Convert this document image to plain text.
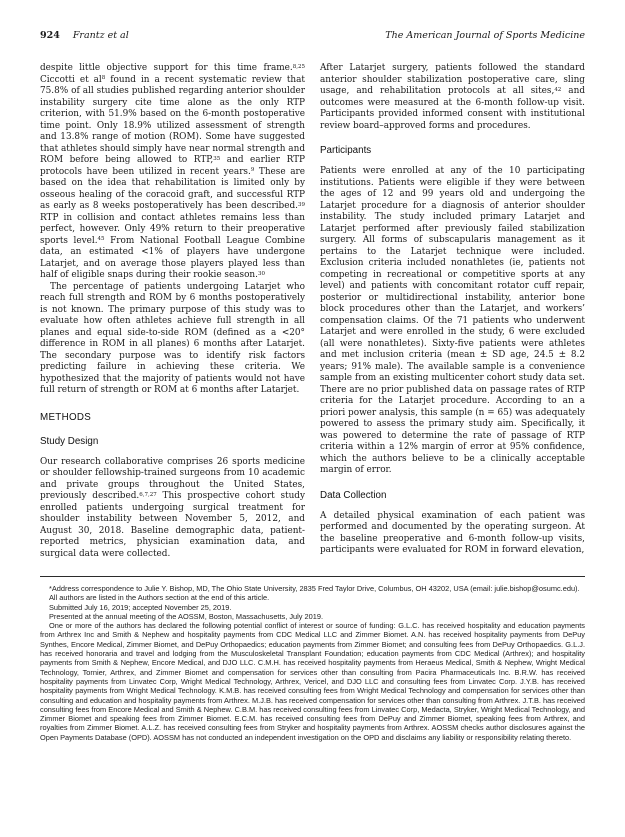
924 Frantz et al	The American Journal of Sports Medicine

despite little objective support for this time frame.$^{8,25}$ Ciccotti et $al^8$ found in a recent systematic review that 75.8% of all studies published regarding anterior shoulder instability surgery cite time alone as the only RTP criterion, with 51.9% based on the 6-month postoperative time point. Only 18.9% utilized assessment of strength and 13.8% range of motion (ROM). Some have suggested that athletes should simply have near normal strength and ROM before being allowed to RTP,$^{35}$ and earlier RTP protocols have been utilized in recent years.$^9$ These are based on the idea that rehabilitation is limited only by osseous healing of the coracoid graft, and successful RTP as early as 8 weeks postoperatively has been described.$^{39}$ RTP in collision and contact athletes remains less than perfect, however. Only 49% return to their preoperative sports level.$^{45}$ From National Football League Combine data, an estimated <1% of players have undergone Latarjet, and on average those players played less than half of eligible snaps during their rookie season.$^{30}$

The percentage of patients undergoing Latarjet who reach full strength and ROM by 6 months postoperatively is not known. The primary purpose of this study was to evaluate how often athletes achieve full strength in all planes and equal side-to-side ROM (defined as a <20° difference in ROM in all planes) 6 months after Latarjet. The secondary purpose was to identify risk factors predicting failure in achieving these criteria. We hypothesized that the majority of patients would not have full return of strength or ROM at 6 months after Latarjet.

METHODS
Study Design

Our research collaborative comprises 26 sports medicine or shoulder fellowship-trained surgeons from 10 academic and private groups throughout the United States, previously described.$^{6,7,27}$ This prospective cohort study enrolled patients undergoing surgical treatment for shoulder instability between November 5, 2012, and August 30, 2018. Baseline demographic data, patient-reported metrics, physician examination data, and surgical data were collected.

After Latarjet surgery, patients followed the standard anterior shoulder stabilization postoperative care, sling usage, and rehabilitation protocols at all sites,$^{42}$ and outcomes were measured at the 6-month follow-up visit. Participants provided informed consent with institutional review board–approved forms and procedures.

Participants

Patients were enrolled at any of the 10 participating institutions. Patients were eligible if they were between the ages of 12 and 99 years old and undergoing the Latarjet procedure for a diagnosis of anterior shoulder instability. The study included primary Latarjet and Latarjet performed after previously failed stabilization surgery. All forms of subscapularis management as it pertains to the Latarjet technique were included. Exclusion criteria included nonathletes (ie, patients not competing in recreational or competitive sports at any level) and patients with concomitant rotator cuff repair, posterior or multidirectional instability, anterior bone block procedures other than the Latarjet, and workers’ compensation claims. Of the 71 patients who underwent Latarjet and were enrolled in the study, 6 were excluded (all were nonathletes). Sixty-five patients were athletes and met inclusion criteria (mean ± SD age, 24.5 ± 8.2 years; 91% male). The available sample is a convenience sample from an existing multicenter cohort study data set. There are no prior published data on passage rates of RTP criteria for the Latarjet procedure. According to an a priori power analysis, this sample (n = 65) was adequately powered to assess the primary study aim. Specifically, it was powered to determine the rate of passage of RTP criteria within a 12% margin of error at 95% confidence, which the authors believe to be a clinically acceptable margin of error.

Data Collection

A detailed physical examination of each patient was performed and documented by the operating surgeon. At the baseline preoperative and 6-month follow-up visits, participants were evaluated for ROM in forward elevation,

*Address correspondence to Julie Y. Bishop, MD, The Ohio State University, 2835 Fred Taylor Drive, Columbus, OH 43202, USA (email: julie.bishop@osumc.edu).

All authors are listed in the Authors section at the end of this article.

Submitted July 16, 2019; accepted November 25, 2019.

Presented at the annual meeting of the AOSSM, Boston, Massachusetts, July 2019.

One or more of the authors has declared the following potential conflict of interest or source of funding: G.L.C. has received hospitality and education payments from Arthrex Inc and Smith & Nephew and hospitality payments from CDC Medical LLC and Zimmer Biomet. A.N. has received hospitality payments from DePuy Synthes, Encore Medical, Zimmer Biomet, and DePuy Orthopaedics; education payments from Zimmer Biomet; and consulting fees from DePuy Orthopaedics. G.L.J. has received honoraria and travel and lodging from the Musculoskeletal Transplant Foundation; education payments from CDC Medical (Arthrex); and hospitality payments from Smith & Nephew, Encore Medical, and DJO LLC. C.M.H. has received hospitality payments from Heraeus Medical, Smith & Nephew, Wright Medical Technology, Tornier, Arthrex, and Zimmer Biomet and compensation for services other than consulting from Pacira Pharmaceuticals Inc. B.R.W. has received hospitality payments from Linvatec Corp, Wright Medical Technology, Arthrex, Vericel, and DJO LLC and consulting fees from Linvatec Corp. J.Y.B. has received hospitality payments from Wright Medical Technology. K.M.B. has received consulting fees from Wright Medical Technology and compensation for services other than consulting and education and hospitality payments from Arthrex. M.J.B. has received compensation for services other than consulting from Arthrex. J.T.B. has received consulting fees from Encore Medical and Smith & Nephew. C.B.M. has received consulting fees from Linvatec Corp, Medacta, Stryker, Wright Medical Technology, and Zimmer Biomet and speaking fees from Zimmer Biomet. E.C.M. has received consulting fees from DePuy and Zimmer Biomet, speaking fees from Arthrex, and royalties from Zimmer Biomet. A.L.Z. has received consulting fees from Stryker and hospitality payments from Arthrex. AOSSM checks author disclosures against the Open Payments Database (OPD). AOSSM has not conducted an independent investigation on the OPD and disclaims any liability or responsibility relating thereto.
